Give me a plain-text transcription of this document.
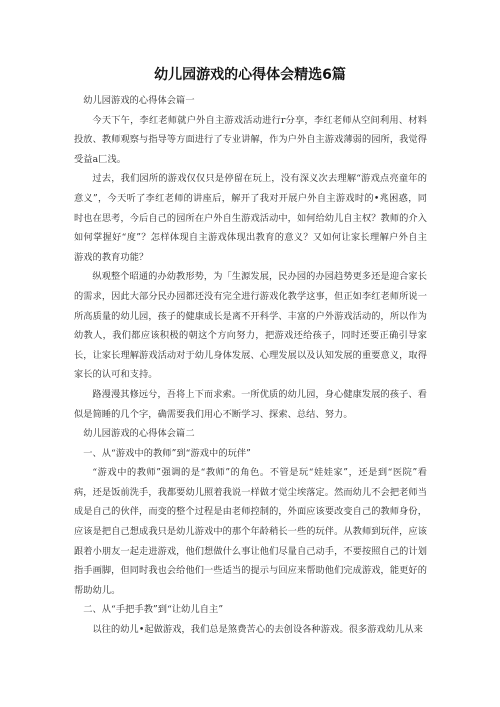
幼儿园游戏的心得体会精选6篇

幼儿园游戏的心得体会篇一

今天下午，李红老师就户外自主游戏活动进行r分享，李红老师从空间利用、材料投放、教师观察与指导等方面进行了专业讲解，作为户外自主游戏薄弱的园所，我觉得受益a匚浅。

过去，我们园所的游戏仅仅只是停留在玩上，没有深义次去理解“游戏点亮童年的意义”，今天听了李红老师的讲座后，解开了我对开展户外自主游戏时的•兆困惑，同时也在思考，今后自己的园所在户外自生游戏活动中，如何给幼儿自主权？教师的介入如何掌握好“度”？怎样体现自主游戏体现出教育的意义？又如何让家长理解户外自主游戏的教育功能？

纵观整个昭通的办幼教形势，为「生源发展，民办园的办园趋势更多还是迎合家长的需求，因此大部分民办园都还没有完全进行游戏化教学这事，但正如李红老师所说一所高质量的幼儿园，孩子的健康成长是离不开科学、丰富的户外游戏活动的，所以作为幼教人，我们都应该积极的朝这个方向努力，把游戏还给孩子，同时还要正确引导家长，让家长理解游戏活动对于幼儿身体发展、心理发展以及认知发展的重要意义，取得家长的认可和支持。

路漫漫其修远兮，吾将上下而求索。一所优质的幼儿园，身心健康发展的孩子、看似是简睡的几个字，确需要我们用心不断学习、探索、总结、努力。

幼儿园游戏的心得体会篇二

一、从“游戏中的教师”到“游戏中的玩伴”

“游戏中的教师”强调的是“教师”的角色。不管是玩“娃娃家”，还是到“医院”看病，还是饭前洗手，我都要幼儿照着我说一样做才觉尘埃落定。然而幼儿不会把老师当成是自己的伙伴，而变的整个过程是由老师控制的，外面应该要改变自己的教师身份，应该是把自己想成我只是幼儿游戏中的那个年龄稍长一些的玩伴。从教师到玩伴，应该跟着小朋友一起走进游戏，他们想做什么事让他们尽量自己动手，不要按照自己的计划指手画脚，但同时我也会给他们一些适当的提示与回应来帮助他们完成游戏，能更好的帮助幼儿。

二、从“手把手教”到“让幼儿自主”

以往的幼儿•起做游戏，我们总是煞费苦心的去创设各种游戏。很多游戏幼儿从来
